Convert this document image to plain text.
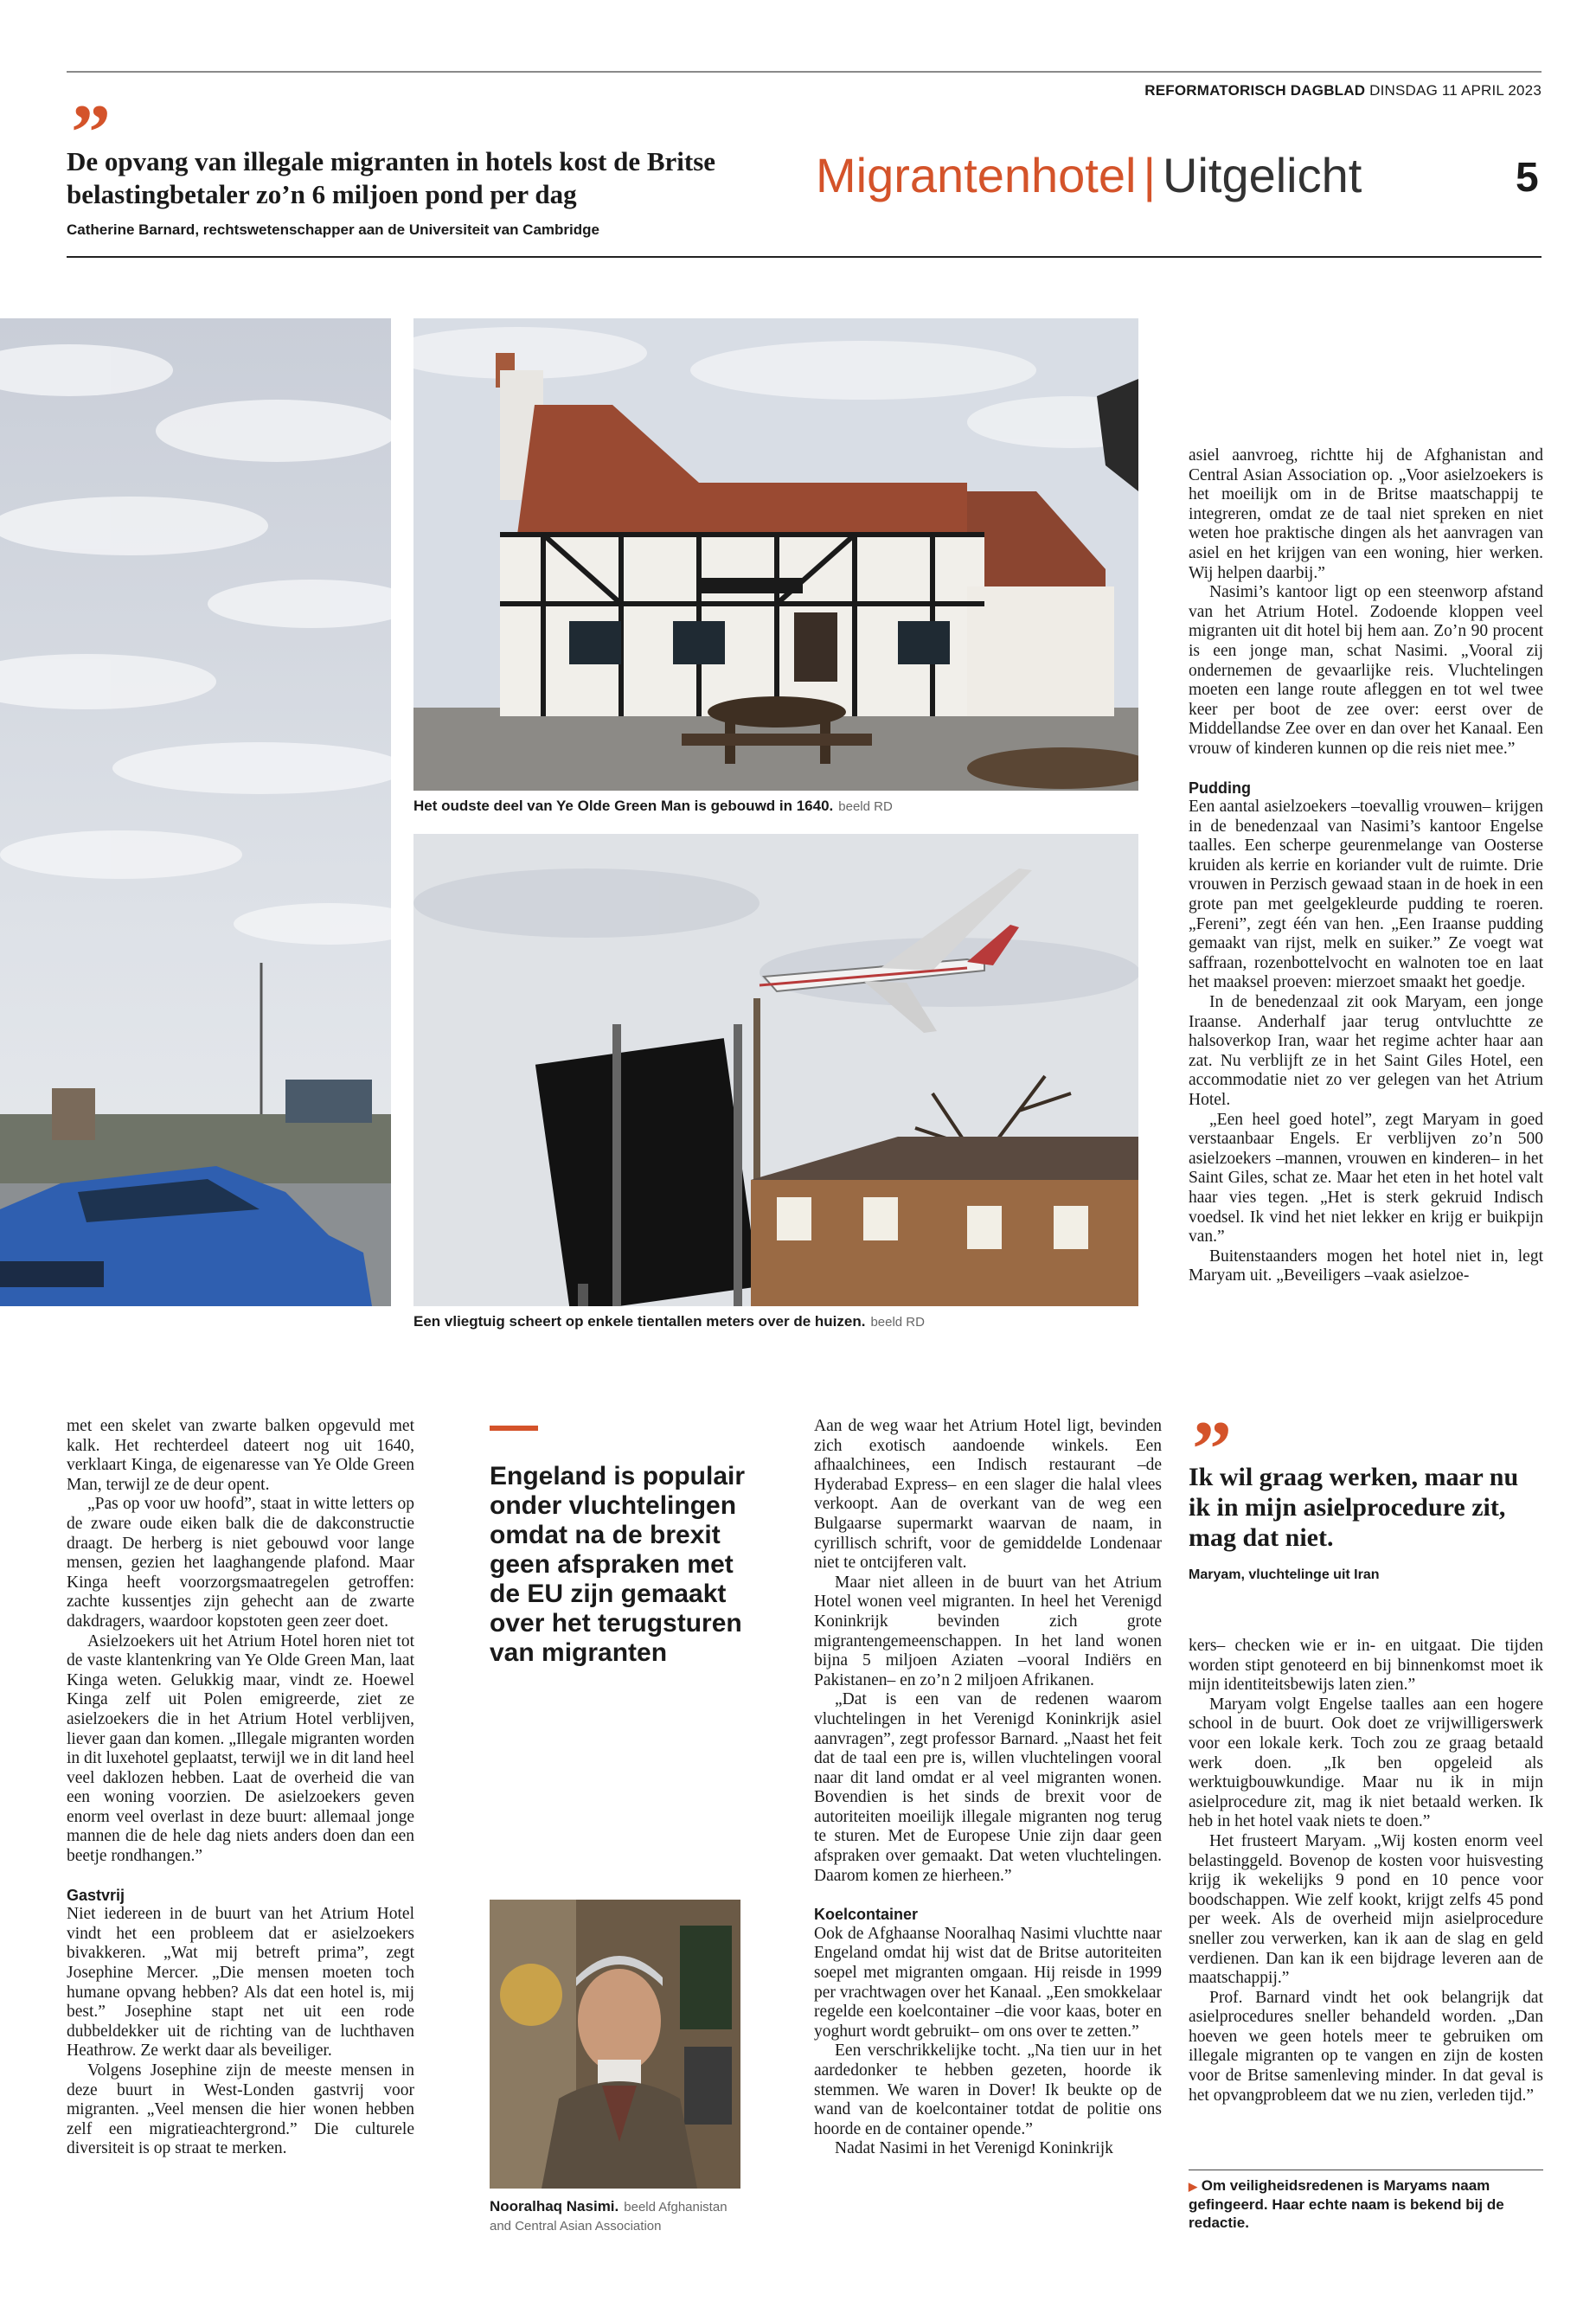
REFORMATORISCH DAGBLAD DINSDAG 11 APRIL 2023
De opvang van illegale migranten in hotels kost de Britse belastingbetaler zo’n 6 miljoen pond per dag
Catherine Barnard, rechtswetenschapper aan de Universiteit van Cambridge
Migrantenhotel | Uitgelicht	5
Het oudste deel van Ye Olde Green Man is gebouwd in 1640. beeld RD
Een vliegtuig scheert op enkele tientallen meters over de huizen. beeld RD

met een skelet van zwarte balken opgevuld met kalk. Het rechterdeel dateert nog uit 1640, verklaart Kinga, de eigenaresse van Ye Olde Green Man, terwijl ze de deur opent.

„Pas op voor uw hoofd”, staat in witte letters op de zware oude eiken balk die de dakconstructie draagt. De herberg is niet gebouwd voor lange mensen, gezien het laaghangende plafond. Maar Kinga heeft voorzorgsmaatregelen getroffen: zachte kussentjes zijn gehecht aan de zwarte dakdragers, waardoor kopstoten geen zeer doet.

Asielzoekers uit het Atrium Hotel horen niet tot de vaste klantenkring van Ye Olde Green Man, laat Kinga weten. Gelukkig maar, vindt ze. Hoewel Kinga zelf uit Polen emigreerde, ziet ze asielzoekers die in het Atrium Hotel verblijven, liever gaan dan komen. „Illegale migranten worden in dit luxehotel geplaatst, terwijl we in dit land heel veel daklozen hebben. Laat de overheid die van een woning voorzien. De asielzoekers geven enorm veel overlast in deze buurt: allemaal jonge mannen die de hele dag niets anders doen dan een beetje rondhangen.”

Gastvrij

Niet iedereen in de buurt van het Atrium Hotel vindt het een probleem dat er asielzoekers bivakkeren. „Wat mij betreft prima”, zegt Josephine Mercer. „Die mensen moeten toch humane opvang hebben? Als dat een hotel is, mij best.” Josephine stapt net uit een rode dubbeldekker uit de richting van de luchthaven Heathrow. Ze werkt daar als beveiliger.

Volgens Josephine zijn de meeste mensen in deze buurt in West-Londen gastvrij voor migranten. „Veel mensen die hier wonen hebben zelf een migratieachtergrond.” Die culturele diversiteit is op straat te merken.

Engeland is populair onder vluchtelingen omdat na de brexit geen afspraken met de EU zijn gemaakt over het terugsturen van migranten
Nooralhaq Nasimi. beeld Afghanistan and Central Asian Association

Aan de weg waar het Atrium Hotel ligt, bevinden zich exotisch aandoende winkels. Een afhaalchinees, een Indisch restaurant –de Hyderabad Express– en een slager die halal vlees verkoopt. Aan de overkant van de weg een Bulgaarse supermarkt waarvan de naam, in cyrillisch schrift, voor de gemiddelde Londenaar niet te ontcijferen valt.

Maar niet alleen in de buurt van het Atrium Hotel wonen veel migranten. In heel het Verenigd Koninkrijk bevinden zich grote migrantengemeenschappen. In het land wonen bijna 5 miljoen Aziaten –vooral Indiërs en Pakistanen– en zo’n 2 miljoen Afrikanen.

„Dat is een van de redenen waarom vluchtelingen in het Verenigd Koninkrijk asiel aanvragen”, zegt professor Barnard. „Naast het feit dat de taal een pre is, willen vluchtelingen vooral naar dit land omdat er al veel migranten wonen. Bovendien is het sinds de brexit voor de autoriteiten moeilijk illegale migranten nog terug te sturen. Met de Europese Unie zijn daar geen afspraken over gemaakt. Dat weten vluchtelingen. Daarom komen ze hierheen.”

Koelcontainer

Ook de Afghaanse Nooralhaq Nasimi vluchtte naar Engeland omdat hij wist dat de Britse autoriteiten soepel met migranten omgaan. Hij reisde in 1999 per vrachtwagen over het Kanaal. „Een smokkelaar regelde een koelcontainer –die voor kaas, boter en yoghurt wordt gebruikt– om ons over te zetten.”

Een verschrikkelijke tocht. „Na tien uur in het aardedonker te hebben gezeten, hoorde ik stemmen. We waren in Dover! Ik beukte op de wand van de koelcontainer totdat de politie ons hoorde en de container opende.”

Nadat Nasimi in het Verenigd Koninkrijk

asiel aanvroeg, richtte hij de Afghanistan and Central Asian Association op. „Voor asielzoekers is het moeilijk om in de Britse maatschappij te integreren, omdat ze de taal niet spreken en niet weten hoe praktische dingen als het aanvragen van asiel en het krijgen van een woning, hier werken. Wij helpen daarbij.”

Nasimi’s kantoor ligt op een steenworp afstand van het Atrium Hotel. Zodoende kloppen veel migranten uit dit hotel bij hem aan. Zo’n 90 procent is een jonge man, schat Nasimi. „Vooral zij ondernemen de gevaarlijke reis. Vluchtelingen moeten een lange route afleggen en tot wel twee keer per boot de zee over: eerst over de Middellandse Zee over en dan over het Kanaal. Een vrouw of kinderen kunnen op die reis niet mee.”

Pudding

Een aantal asielzoekers –toevallig vrouwen– krijgen in de benedenzaal van Nasimi’s kantoor Engelse taalles. Een scherpe geurenmelange van Oosterse kruiden als kerrie en koriander vult de ruimte. Drie vrouwen in Perzisch gewaad staan in de hoek in een grote pan met geelgekleurde pudding te roeren. „Fereni”, zegt één van hen. „Een Iraanse pudding gemaakt van rijst, melk en suiker.” Ze voegt wat saffraan, rozenbottelvocht en walnoten toe en laat het maaksel proeven: mierzoet smaakt het goedje.

In de benedenzaal zit ook Maryam, een jonge Iraanse. Anderhalf jaar terug ontvluchtte ze halsoverkop Iran, waar het regime achter haar aan zat. Nu verblijft ze in het Saint Giles Hotel, een accommodatie niet zo ver gelegen van het Atrium Hotel.

„Een heel goed hotel”, zegt Maryam in goed verstaanbaar Engels. Er verblijven zo’n 500 asielzoekers –mannen, vrouwen en kinderen– in het Saint Giles, schat ze. Maar het eten in het hotel valt haar vies tegen. „Het is sterk gekruid Indisch voedsel. Ik vind het niet lekker en krijg er buikpijn van.”

Buitenstaanders mogen het hotel niet in, legt Maryam uit. „Beveiligers –vaak asielzoe-

Ik wil graag werken, maar nu ik in mijn asielprocedure zit, mag dat niet.
Maryam, vluchtelinge uit Iran

kers– checken wie er in- en uitgaat. Die tijden worden stipt genoteerd en bij binnenkomst moet ik mijn identiteitsbewijs laten zien.”

Maryam volgt Engelse taalles aan een hogere school in de buurt. Ook doet ze vrijwilligerswerk voor een lokale kerk. Toch zou ze graag betaald werk doen. „Ik ben opgeleid als werktuigbouwkundige. Maar nu ik in mijn asielprocedure zit, mag ik niet betaald werken. Ik heb in het hotel vaak niets te doen.”

Het frusteert Maryam. „Wij kosten enorm veel belastinggeld. Bovenop de kosten voor huisvesting krijg ik wekelijks 9 pond en 10 pence voor boodschappen. Wie zelf kookt, krijgt zelfs 45 pond per week. Als de overheid mijn asielprocedure sneller zou verwerken, kan ik aan de slag en geld verdienen. Dan kan ik een bijdrage leveren aan de maatschappij.”

Prof. Barnard vindt het ook belangrijk dat asielprocedures sneller behandeld worden. „Dan hoeven we geen hotels meer te gebruiken om illegale migranten op te vangen en zijn de kosten voor de Britse samenleving minder. In dat geval is het opvangprobleem dat we nu zien, verleden tijd.”

▶ Om veiligheidsredenen is Maryams naam gefingeerd. Haar echte naam is bekend bij de redactie.
